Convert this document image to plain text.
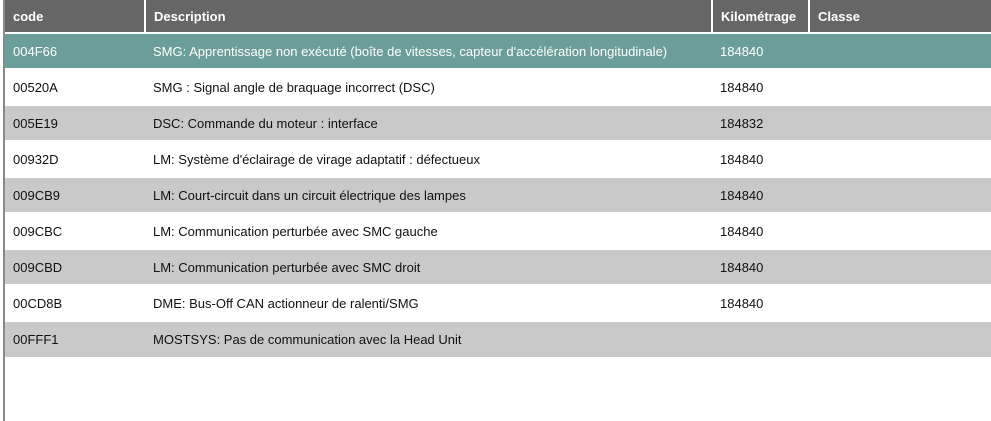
code	Description	Kilométrage	Classe
004F66	SMG: Apprentissage non exécuté (boîte de vitesses, capteur d'accélération longitudinale)	184840	
00520A	SMG : Signal angle de braquage incorrect (DSC)	184840	
005E19	DSC: Commande du moteur : interface	184832	
00932D	LM: Système d'éclairage de virage adaptatif : défectueux	184840	
009CB9	LM: Court-circuit dans un circuit électrique des lampes	184840	
009CBC	LM: Communication perturbée avec SMC gauche	184840	
009CBD	LM: Communication perturbée avec SMC droit	184840	
00CD8B	DME: Bus-Off CAN actionneur de ralenti/SMG	184840	
00FFF1	MOSTSYS: Pas de communication avec la Head Unit		
